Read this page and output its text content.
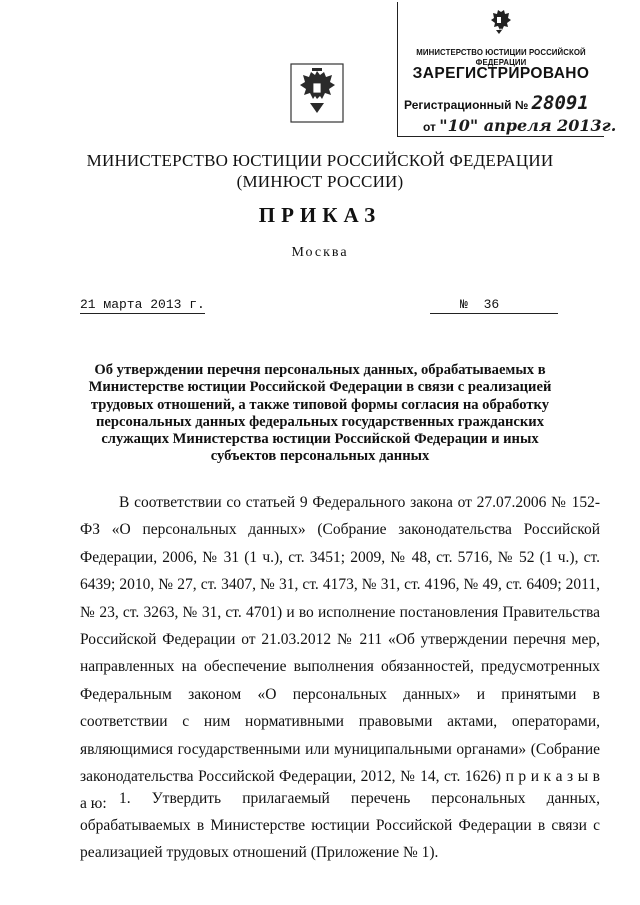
МИНИСТЕРСТВО ЮСТИЦИИ РОССИЙСКОЙ ФЕДЕРАЦИИ
ЗАРЕГИСТРИРОВАНО
Регистрационный № 28091
от "10" апреля 2013г.
МИНИСТЕРСТВО ЮСТИЦИИ РОССИЙСКОЙ ФЕДЕРАЦИИ
(МИНЮСТ РОССИИ)
ПРИКАЗ
Москва
21 марта 2013 г.	№ 36
Об утверждении перечня персональных данных, обрабатываемых в Министерстве юстиции Российской Федерации в связи с реализацией трудовых отношений, а также типовой формы согласия на обработку персональных данных федеральных государственных гражданских служащих Министерства юстиции Российской Федерации и иных субъектов персональных данных
В соответствии со статьей 9 Федерального закона от 27.07.2006 № 152-ФЗ «О персональных данных» (Собрание законодательства Российской Федерации, 2006, № 31 (1 ч.), ст. 3451; 2009, № 48, ст. 5716, № 52 (1 ч.), ст. 6439; 2010, № 27, ст. 3407, № 31, ст. 4173, № 31, ст. 4196, № 49, ст. 6409; 2011, № 23, ст. 3263, № 31, ст. 4701) и во исполнение постановления Правительства Российской Федерации от 21.03.2012 № 211 «Об утверждении перечня мер, направленных на обеспечение выполнения обязанностей, предусмотренных Федеральным законом «О персональных данных» и принятыми в соответствии с ним нормативными правовыми актами, операторами, являющимися государственными или муниципальными органами» (Собрание законодательства Российской Федерации, 2012, № 14, ст. 1626) п р и к а з ы в а ю: 1. Утвердить прилагаемый перечень персональных данных, обрабатываемых в Министерстве юстиции Российской Федерации в связи с реализацией трудовых отношений (Приложение № 1).
